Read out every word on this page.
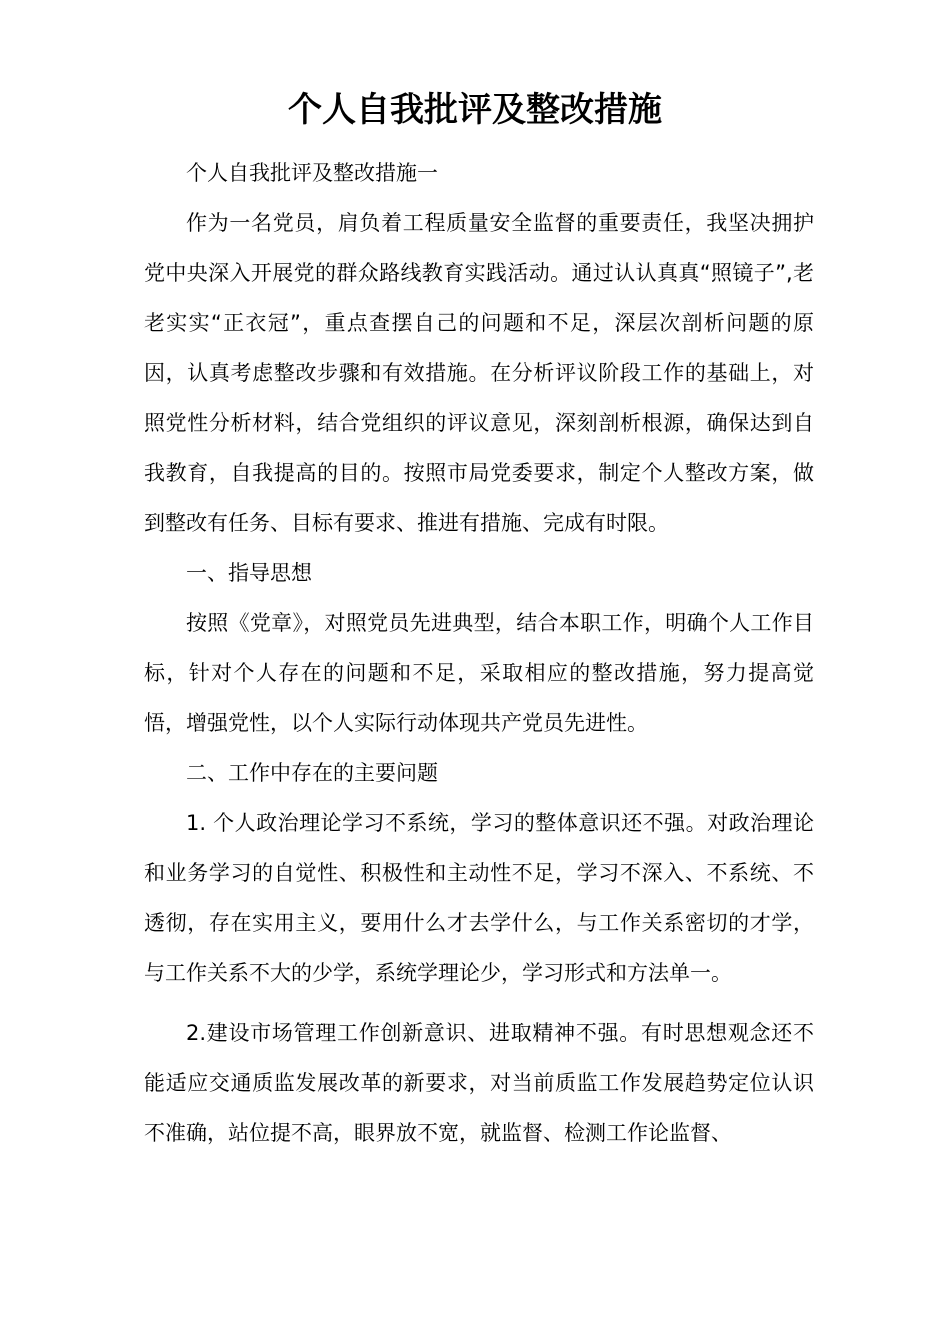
个人自我批评及整改措施

个人自我批评及整改措施一

作为一名党员，肩负着工程质量安全监督的重要责任，我坚决拥护党中央深入开展党的群众路线教育实践活动。通过认认真真“照镜子”,老老实实“正衣冠”，重点查摆自己的问题和不足，深层次剖析问题的原因，认真考虑整改步骤和有效措施。在分析评议阶段工作的基础上，对照党性分析材料，结合党组织的评议意见，深刻剖析根源，确保达到自我教育，自我提高的目的。按照市局党委要求，制定个人整改方案，做到整改有任务、目标有要求、推进有措施、完成有时限。

一、指导思想

按照《党章》，对照党员先进典型，结合本职工作，明确个人工作目标，针对个人存在的问题和不足，采取相应的整改措施，努力提高觉悟，增强党性，以个人实际行动体现共产党员先进性。

二、工作中存在的主要问题

1. 个人政治理论学习不系统，学习的整体意识还不强。对政治理论和业务学习的自觉性、积极性和主动性不足，学习不深入、不系统、不透彻，存在实用主义，要用什么才去学什么，与工作关系密切的才学，与工作关系不大的少学，系统学理论少，学习形式和方法单一。

2.建设市场管理工作创新意识、进取精神不强。有时思想观念还不能适应交通质监发展改革的新要求，对当前质监工作发展趋势定位认识不准确，站位提不高，眼界放不宽，就监督、检测工作论监督、
